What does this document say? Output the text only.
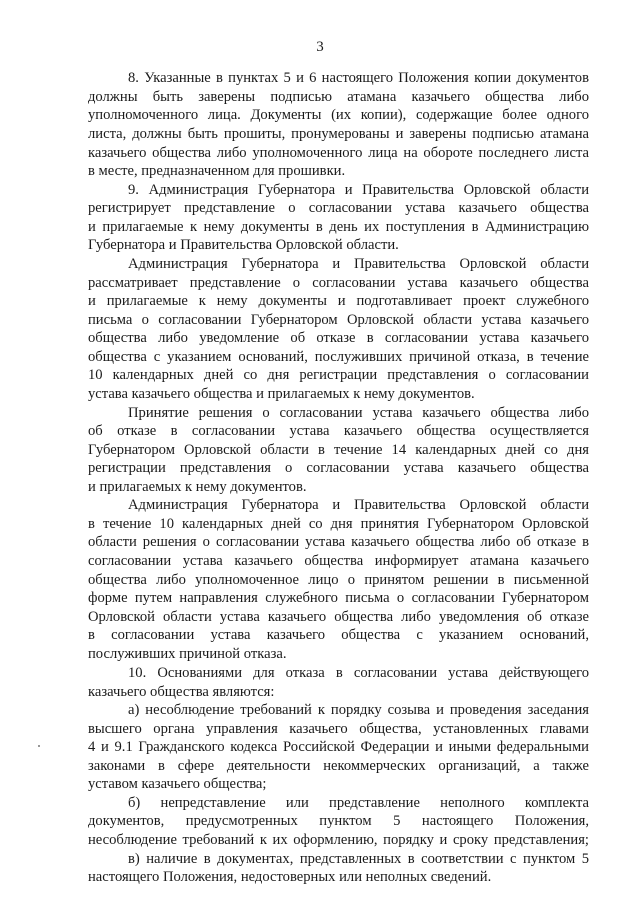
3
8. Указанные в пунктах 5 и 6 настоящего Положения копии документов
должны быть заверены подписью атамана казачьего общества либо
уполномоченного лица. Документы (их копии), содержащие более одного
листа, должны быть прошиты, пронумерованы и заверены подписью атамана
казачьего общества либо уполномоченного лица на обороте последнего листа
в месте, предназначенном для прошивки.
9. Администрация Губернатора и Правительства Орловской области
регистрирует представление о согласовании устава казачьего общества
и прилагаемые к нему документы в день их поступления в Администрацию
Губернатора и Правительства Орловской области.
Администрация Губернатора и Правительства Орловской области
рассматривает представление о согласовании устава казачьего общества
и прилагаемые к нему документы и подготавливает проект служебного
письма о согласовании Губернатором Орловской области устава казачьего
общества либо уведомление об отказе в согласовании устава казачьего
общества с указанием оснований, послуживших причиной отказа, в течение
10 календарных дней со дня регистрации представления о согласовании
устава казачьего общества и прилагаемых к нему документов.
Принятие решения о согласовании устава казачьего общества либо
об отказе в согласовании устава казачьего общества осуществляется
Губернатором Орловской области в течение 14 календарных дней со дня
регистрации представления о согласовании устава казачьего общества
и прилагаемых к нему документов.
Администрация Губернатора и Правительства Орловской области
в течение 10 календарных дней со дня принятия Губернатором Орловской
области решения о согласовании устава казачьего общества либо об отказе в
согласовании устава казачьего общества информирует атамана казачьего
общества либо уполномоченное лицо о принятом решении в письменной
форме путем направления служебного письма о согласовании Губернатором
Орловской области устава казачьего общества либо уведомления об отказе
в согласовании устава казачьего общества с указанием оснований,
послуживших причиной отказа.
10. Основаниями для отказа в согласовании устава действующего
казачьего общества являются:
а) несоблюдение требований к порядку созыва и проведения заседания
высшего органа управления казачьего общества, установленных главами
4 и 9.1 Гражданского кодекса Российской Федерации и иными федеральными
законами в сфере деятельности некоммерческих организаций, а также
уставом казачьего общества;
б) непредставление или представление неполного комплекта
документов, предусмотренных пунктом 5 настоящего Положения,
несоблюдение требований к их оформлению, порядку и сроку представления;
в) наличие в документах, представленных в соответствии с пунктом 5
настоящего Положения, недостоверных или неполных сведений.
